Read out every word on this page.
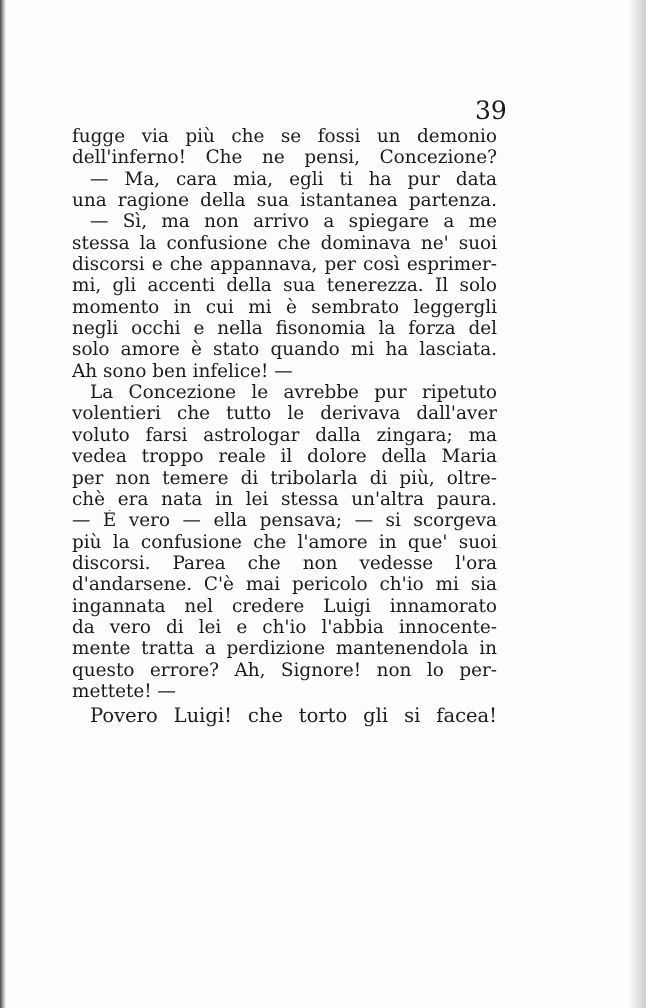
39
fugge via più che se fossi un demonio
dell'inferno! Che ne pensi, Concezione?
— Ma, cara mia, egli ti ha pur data
una ragione della sua istantanea partenza.
— Sì, ma non arrivo a spiegare a me
stessa la confusione che dominava ne' suoi
discorsi e che appannava, per così esprimer-
mi, gli accenti della sua tenerezza. Il solo
momento in cui mi è sembrato leggergli
negli occhi e nella fisonomia la forza del
solo amore è stato quando mi ha lasciata.
Ah sono ben infelice! —
La Concezione le avrebbe pur ripetuto
volentieri che tutto le derivava dall'aver
voluto farsi astrologar dalla zingara; ma
vedea troppo reale il dolore della Maria
per non temere di tribolarla di più, oltre-
chè era nata in lei stessa un'altra paura.
— È vero — ella pensava; — si scorgeva
più la confusione che l'amore in que' suoi
discorsi. Parea che non vedesse l'ora
d'andarsene. C'è mai pericolo ch'io mi sia
ingannata nel credere Luigi innamorato
da vero di lei e ch'io l'abbia innocente-
mente tratta a perdizione mantenendola in
questo errore? Ah, Signore! non lo per-
mettete! —
Povero Luigi! che torto gli si facea!
